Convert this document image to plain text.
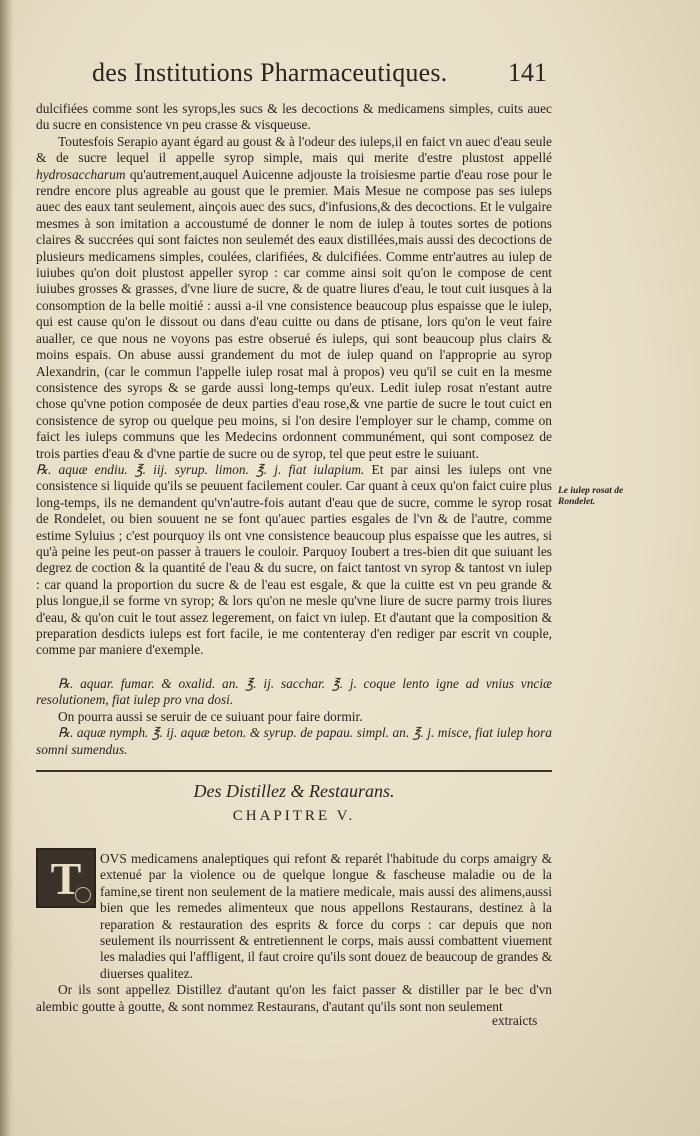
des Institutions Pharmaceutiques.	141

dulcifiées comme sont les syrops,les sucs & les decoctions & medicamens simples, cuits auec du sucre en consistence vn peu crasse & visqueuse.

Toutesfois Serapio ayant égard au goust & à l'odeur des iuleps,il en faict vn auec d'eau seule & de sucre lequel il appelle syrop simple, mais qui merite d'estre plustost appellé hydrosaccharum qu'autrement,auquel Auicenne adjouste la troisiesme partie d'eau rose pour le rendre encore plus agreable au goust que le premier. Mais Mesue ne compose pas ses iuleps auec des eaux tant seulement, ainçois auec des sucs, d'infusions,& des decoctions. Et le vulgaire mesmes à son imitation a accoustumé de donner le nom de iulep à toutes sortes de potions claires & succrées qui sont faictes non seulemét des eaux distillées,mais aussi des decoctions de plusieurs medicamens simples, coulées, clarifiées, & dulcifiées. Comme entr'autres au iulep de iuiubes qu'on doit plustost appeller syrop : car comme ainsi soit qu'on le compose de cent iuiubes grosses & grasses, d'vne liure de sucre, & de quatre liures d'eau, le tout cuit iusques à la consomption de la belle moitié : aussi a-il vne consistence beaucoup plus espaisse que le iulep, qui est cause qu'on le dissout ou dans d'eau cuitte ou dans de ptisane, lors qu'on le veut faire aualler, ce que nous ne voyons pas estre obserué és iuleps, qui sont beaucoup plus clairs & moins espais. On abuse aussi grandement du mot de iulep quand on l'approprie au syrop Alexandrin, (car le commun l'appelle iulep rosat mal à propos) veu qu'il se cuit en la mesme consistence des syrops & se garde aussi long-temps qu'eux. Ledit iulep rosat n'estant autre chose qu'vne potion composée de deux parties d'eau rose,& vne partie de sucre le tout cuict en consistence de syrop ou quelque peu moins, si l'on desire l'employer sur le champ, comme on faict les iuleps communs que les Medecins ordonnent communément, qui sont composez de trois parties d'eau & d'vne partie de sucre ou de syrop, tel que peut estre le suiuant.

℞. aquæ endiu. ℥. iij. syrup. limon. ℥. j. fiat iulapium. Et par ainsi les iuleps ont vne consistence si liquide qu'ils se peuuent facilement couler. Car quant à ceux qu'on faict cuire plus long-temps, ils ne demandent qu'vn'autre-fois autant d'eau que de sucre, comme le syrop rosat de Rondelet, ou bien souuent ne se font qu'auec parties esgales de l'vn & de l'autre, comme estime Syluius ; c'est pourquoy ils ont vne consistence beaucoup plus espaisse que les autres, si qu'à peine les peut-on passer à trauers le couloir. Parquoy Ioubert a tres-bien dit que suiuant les degrez de coction & la quantité de l'eau & du sucre, on faict tantost vn syrop & tantost vn iulep : car quand la proportion du sucre & de l'eau est esgale, & que la cuitte est vn peu grande & plus longue,il se forme vn syrop; & lors qu'on ne mesle qu'vne liure de sucre parmy trois liures d'eau, & qu'on cuit le tout assez legerement, on faict vn iulep. Et d'autant que la composition & preparation desdicts iuleps est fort facile, ie me contenteray d'en rediger par escrit vn couple, comme par maniere d'exemple.

Le iulep rosat de Rondelet.

℞. aquar. fumar. & oxalid. an. ℥. ij. sacchar. ℥. j. coque lento igne ad vnius vnciæ resolutionem, fiat iulep pro vna dosi.

On pourra aussi se seruir de ce suiuant pour faire dormir.

℞. aquæ nymph. ℥. ij. aquæ beton. & syrup. de papau. simpl. an. ℥. j. misce, fiat iulep hora somni sumendus.

Des Distillez & Restaurans.
CHAPITRE V.
T	OVS medicamens analeptiques qui refont & reparét l'habitude du corps amaigry & extenué par la violence ou de quelque longue & fascheuse maladie ou de la famine,se tirent non seulement de la matiere medicale, mais aussi des alimens,aussi bien que les remedes alimenteux que nous appellons Restaurans, destinez à la reparation & restauration des esprits & force du corps : car depuis que non seulement ils nourrissent & entretiennent le corps, mais aussi combattent viuement les maladies qui l'affligent, il faut croire qu'ils sont douez de beaucoup de grandes & diuerses qualitez.

Or ils sont appellez Distillez d'autant qu'on les faict passer & distiller par le bec d'vn alembic goutte à goutte, & sont nommez Restaurans, d'autant qu'ils sont non seulement

extraicts
